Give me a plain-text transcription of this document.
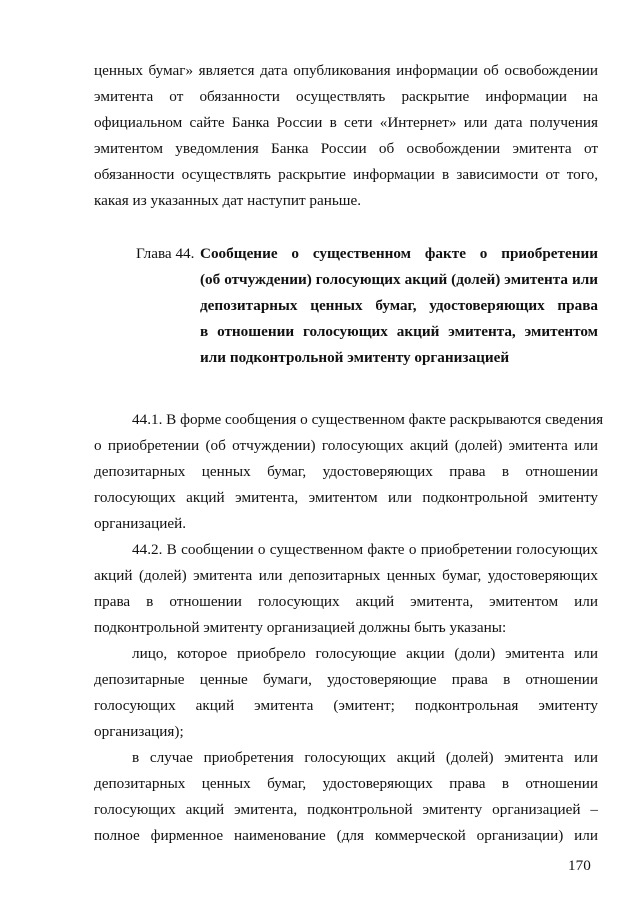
ценных бумаг» является дата опубликования информации об освобождении
эмитента от обязанности осуществлять раскрытие информации на
официальном сайте Банка России в сети «Интернет» или дата получения
эмитентом уведомления Банка России об освобождении эмитента от
обязанности осуществлять раскрытие информации в зависимости от того,
какая из указанных дат наступит раньше.
Глава 44. Сообщение о существенном факте о приобретении
(об отчуждении) голосующих акций (долей) эмитента или
депозитарных ценных бумаг, удостоверяющих права
в отношении голосующих акций эмитента, эмитентом
или подконтрольной эмитенту организацией
44.1. В форме сообщения о существенном факте раскрываются сведения
о приобретении (об отчуждении) голосующих акций (долей) эмитента или
депозитарных ценных бумаг, удостоверяющих права в отношении
голосующих акций эмитента, эмитентом или подконтрольной эмитенту
организацией.
44.2. В сообщении о существенном факте о приобретении голосующих
акций (долей) эмитента или депозитарных ценных бумаг, удостоверяющих
права в отношении голосующих акций эмитента, эмитентом или
подконтрольной эмитенту организацией должны быть указаны:
лицо, которое приобрело голосующие акции (доли) эмитента или
депозитарные ценные бумаги, удостоверяющие права в отношении
голосующих акций эмитента (эмитент; подконтрольная эмитенту
организация);
в случае приобретения голосующих акций (долей) эмитента или
депозитарных ценных бумаг, удостоверяющих права в отношении
голосующих акций эмитента, подконтрольной эмитенту организацией –
полное фирменное наименование (для коммерческой организации) или
170
